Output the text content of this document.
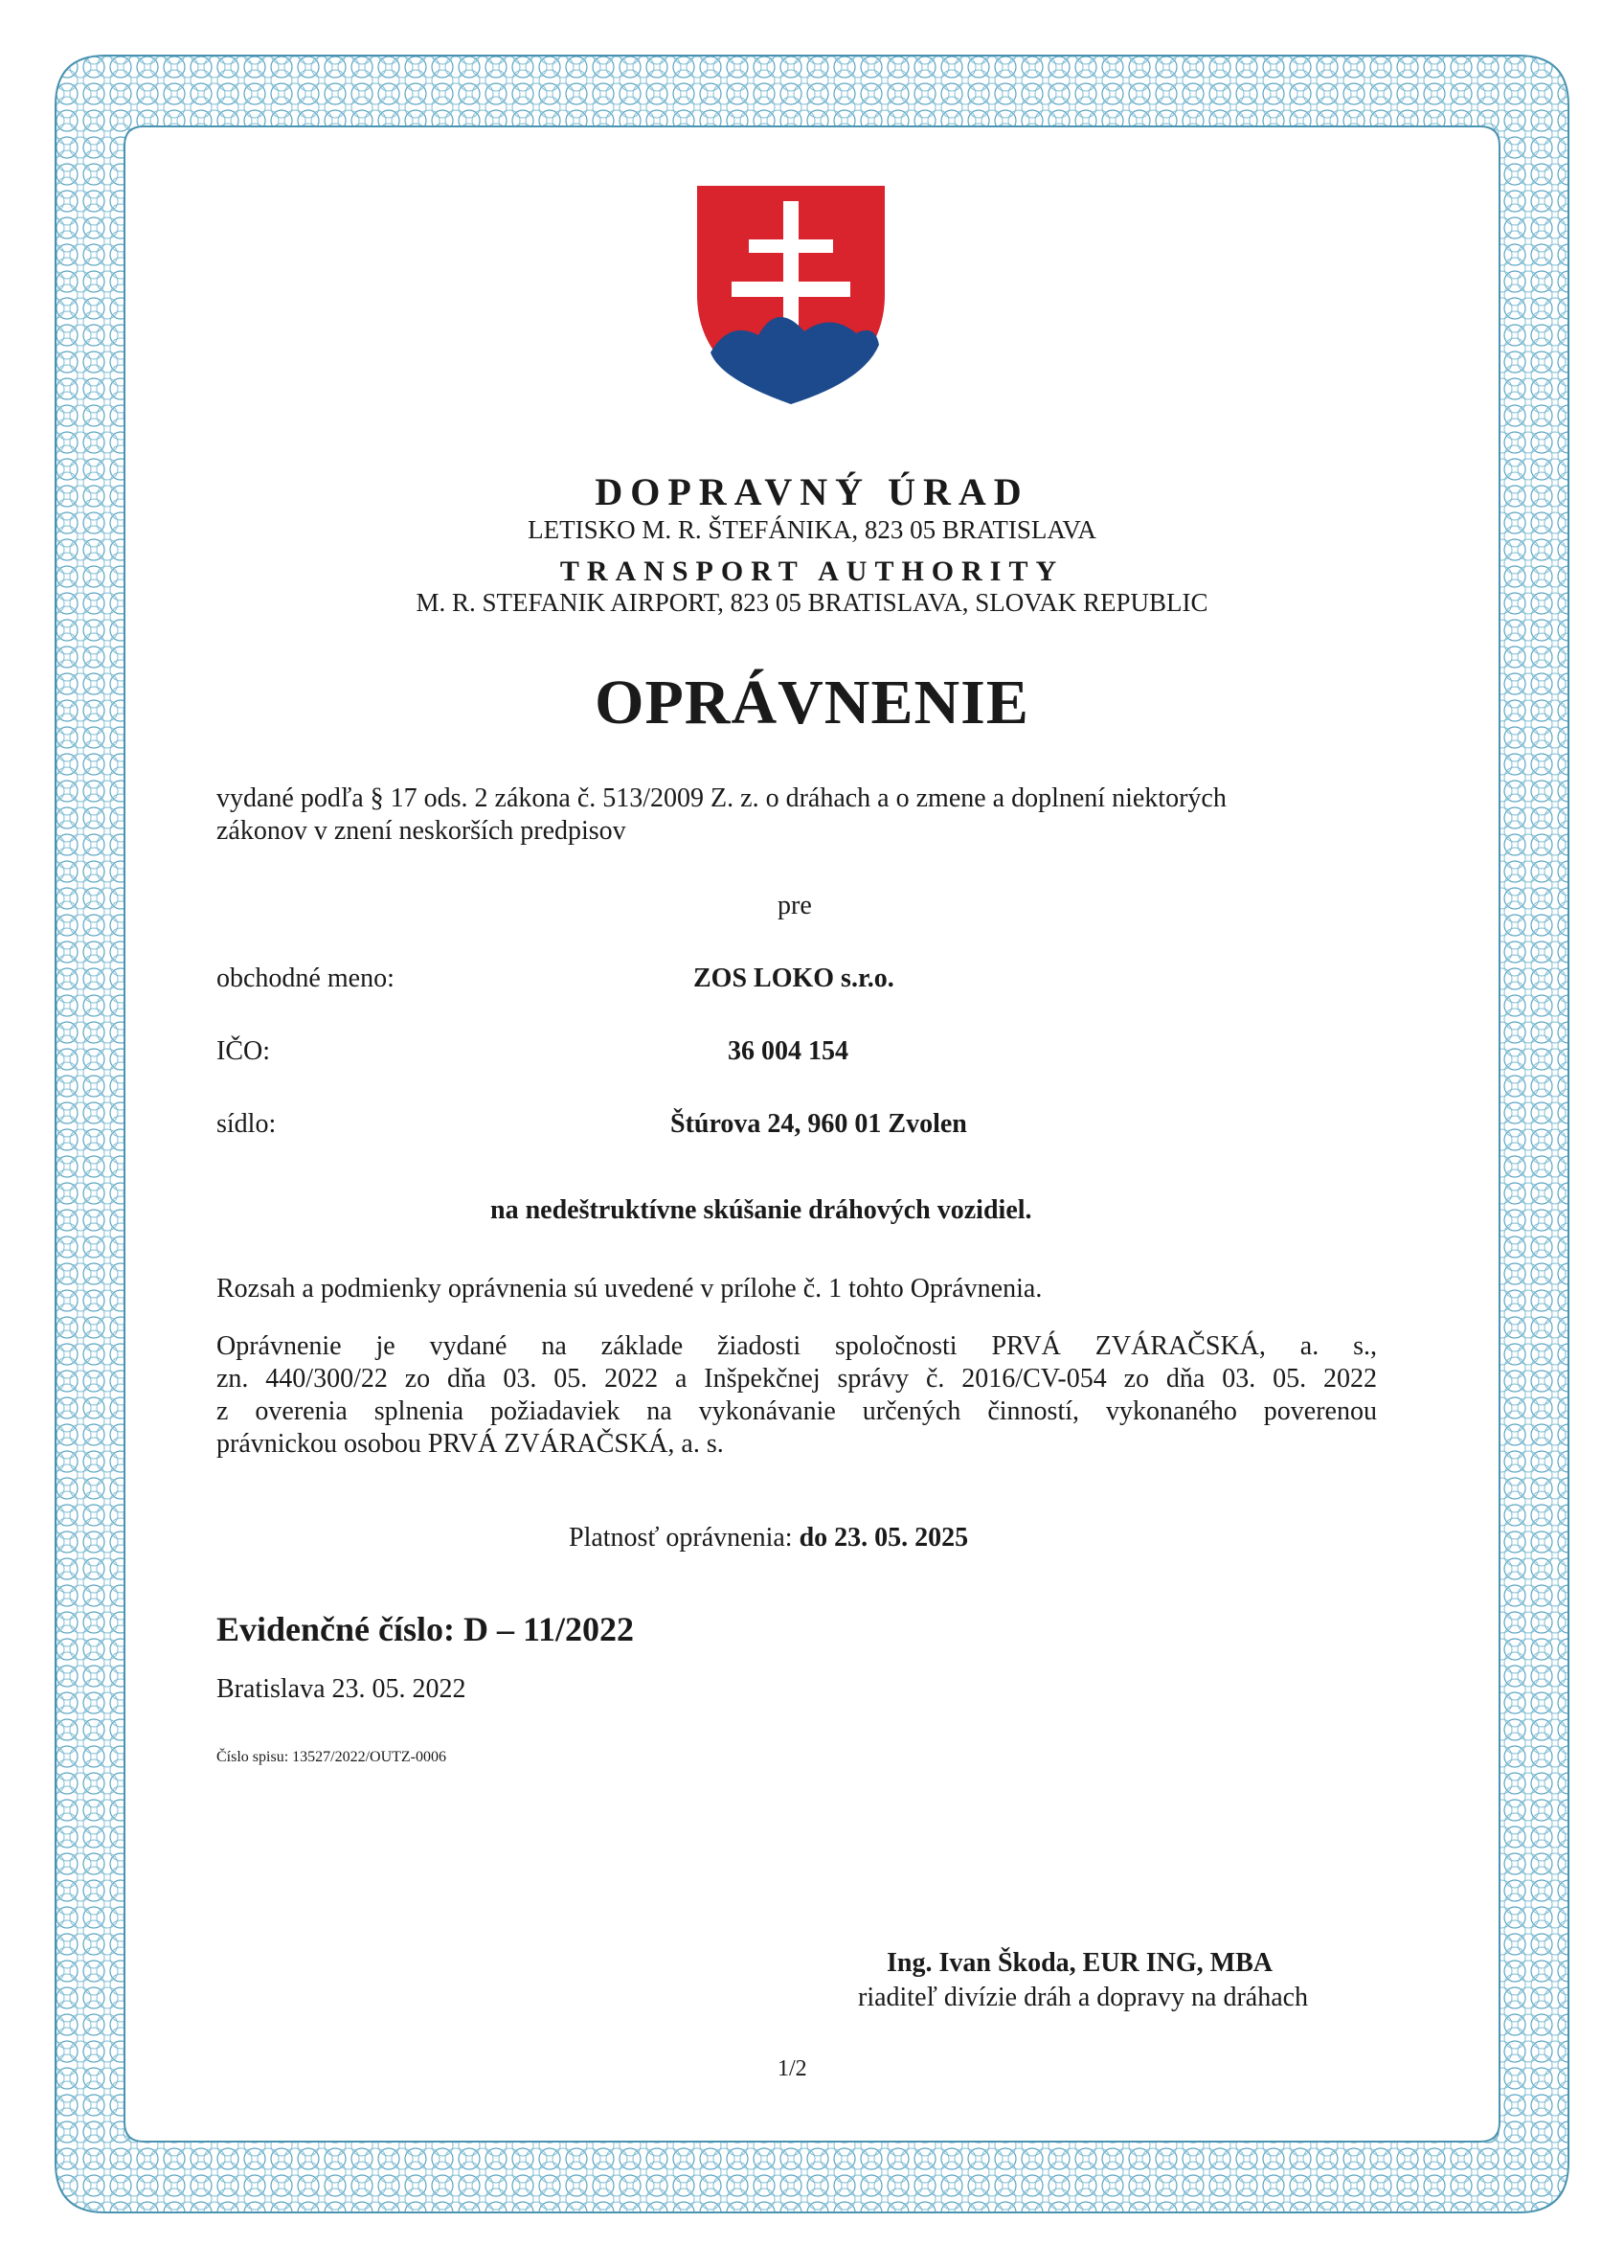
DOPRAVNÝ ÚRAD
LETISKO M. R. ŠTEFÁNIKA, 823 05 BRATISLAVA
TRANSPORT AUTHORITY
M. R. STEFANIK AIRPORT, 823 05 BRATISLAVA, SLOVAK REPUBLIC
OPRÁVNENIE
vydané podľa § 17 ods. 2 zákona č. 513/2009 Z. z. o dráhach a o zmene a doplnení niektorých
zákonov v znení neskorších predpisov
pre
obchodné meno:	ZOS LOKO s.r.o.
IČO:	36 004 154
sídlo:	Štúrova 24, 960 01 Zvolen
na nedeštruktívne skúšanie dráhových vozidiel.
Rozsah a podmienky oprávnenia sú uvedené v prílohe č. 1 tohto Oprávnenia.
Oprávnenie je vydané na základe žiadosti spoločnosti PRVÁ ZVÁRAČSKÁ, a. s.,
zn. 440/300/22 zo dňa 03. 05. 2022 a Inšpekčnej správy č. 2016/CV-054 zo dňa 03. 05. 2022
z overenia splnenia požiadaviek na vykonávanie určených činností, vykonaného poverenou
právnickou osobou PRVÁ ZVÁRAČSKÁ, a. s.
Platnosť oprávnenia: do 23. 05. 2025
Evidenčné číslo: D – 11/2022
Bratislava 23. 05. 2022
Číslo spisu: 13527/2022/OUTZ-0006
Ing. Ivan Škoda, EUR ING, MBA
riaditeľ divízie dráh a dopravy na dráhach
1/2
